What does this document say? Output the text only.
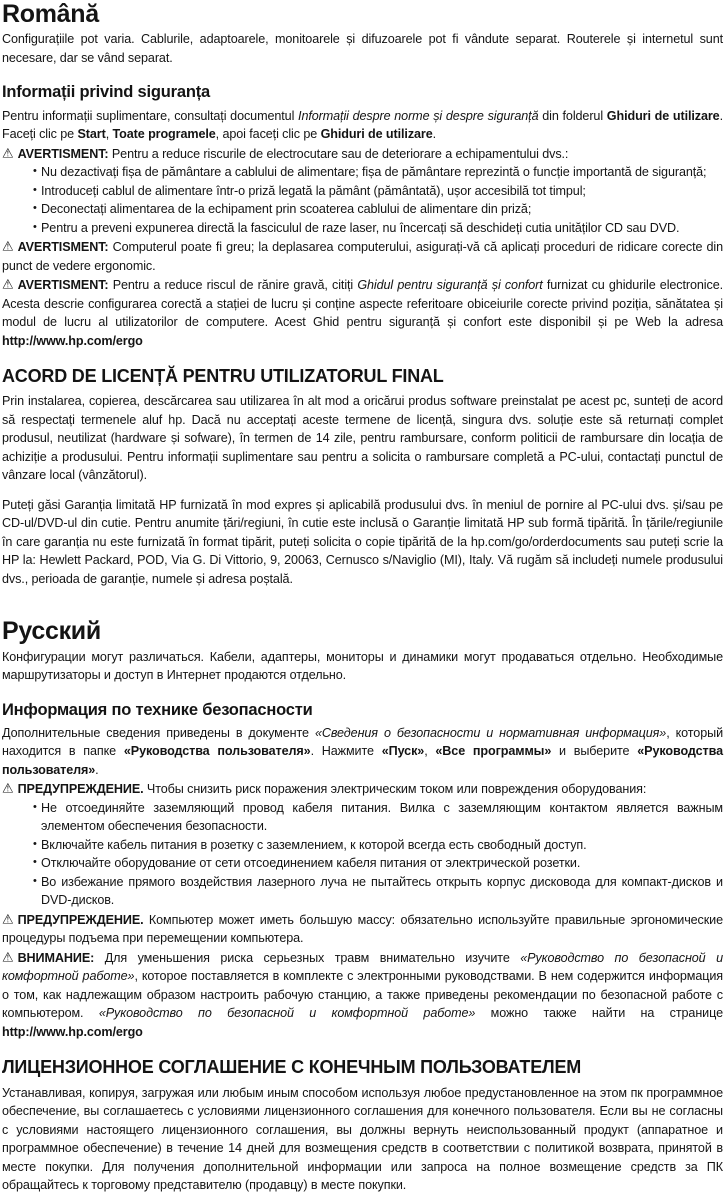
Română

Configurațiile pot varia. Cablurile, adaptoarele, monitoarele și difuzoarele pot fi vândute separat. Routerele și internetul sunt necesare, dar se vând separat.

Informații privind siguranța

Pentru informații suplimentare, consultați documentul Informații despre norme și despre siguranță din folderul Ghiduri de utilizare. Faceți clic pe Start, Toate programele, apoi faceți clic pe Ghiduri de utilizare.

⚠ AVERTISMENT: Pentru a reduce riscurile de electrocutare sau de deteriorare a echipamentului dvs.:

• Nu dezactivați fișa de pământare a cablului de alimentare; fișa de pământare reprezintă o funcție importantă de siguranță;
• Introduceți cablul de alimentare într-o priză legată la pământ (pământată), ușor accesibilă tot timpul;
• Deconectați alimentarea de la echipament prin scoaterea cablului de alimentare din priză;
• Pentru a preveni expunerea directă la fasciculul de raze laser, nu încercați să deschideți cutia unităților CD sau DVD.

⚠ AVERTISMENT: Computerul poate fi greu; la deplasarea computerului, asigurați-vă că aplicați proceduri de ridicare corecte din punct de vedere ergonomic.

⚠ AVERTISMENT: Pentru a reduce riscul de rănire gravă, citiți Ghidul pentru siguranță și confort furnizat cu ghidurile electronice. Acesta descrie configurarea corectă a stației de lucru și conține aspecte referitoare obiceiurile corecte privind poziția, sănătatea și modul de lucru al utilizatorilor de computere. Acest Ghid pentru siguranță și confort este disponibil și pe Web la adresa http://www.hp.com/ergo

ACORD DE LICENȚĂ PENTRU UTILIZATORUL FINAL

Prin instalarea, copierea, descărcarea sau utilizarea în alt mod a oricărui produs software preinstalat pe acest pc, sunteți de acord să respectați termenele aluf hp. Dacă nu acceptați aceste termene de licență, singura dvs. soluție este să returnați complet produsul, neutilizat (hardware și sofware), în termen de 14 zile, pentru rambursare, conform politicii de rambursare din locația de achiziție a produsului. Pentru informații suplimentare sau pentru a solicita o rambursare completă a PC-ului, contactați punctul de vânzare local (vânzătorul).

Puteți găsi Garanția limitată HP furnizată în mod expres și aplicabilă produsului dvs. în meniul de pornire al PC-ului dvs. și/sau pe CD-ul/DVD-ul din cutie. Pentru anumite țări/regiuni, în cutie este inclusă o Garanție limitată HP sub formă tipărită. În țările/regiunile în care garanția nu este furnizată în format tipărit, puteți solicita o copie tipărită de la hp.com/go/orderdocuments sau puteți scrie la HP la: Hewlett Packard, POD, Via G. Di Vittorio, 9, 20063, Cernusco s/Naviglio (MI), Italy. Vă rugăm să includeți numele produsului dvs., perioada de garanție, numele și adresa poștală.

Русский

Конфигурации могут различаться. Кабели, адаптеры, мониторы и динамики могут продаваться отдельно. Необходимые маршрутизаторы и доступ в Интернет продаются отдельно.

Информация по технике безопасности

Дополнительные сведения приведены в документе «Сведения о безопасности и нормативная информация», который находится в папке «Руководства пользователя». Нажмите «Пуск», «Все программы» и выберите «Руководства пользователя».

⚠ ПРЕДУПРЕЖДЕНИЕ. Чтобы снизить риск поражения электрическим током или повреждения оборудования:

• Не отсоединяйте заземляющий провод кабеля питания. Вилка с заземляющим контактом является важным элементом обеспечения безопасности.
• Включайте кабель питания в розетку с заземлением, к которой всегда есть свободный доступ.
• Отключайте оборудование от сети отсоединением кабеля питания от электрической розетки.
• Во избежание прямого воздействия лазерного луча не пытайтесь открыть корпус дисковода для компакт-дисков и DVD-дисков.

⚠ ПРЕДУПРЕЖДЕНИЕ. Компьютер может иметь большую массу: обязательно используйте правильные эргономические процедуры подъема при перемещении компьютера.

⚠ ВНИМАНИЕ: Для уменьшения риска серьезных травм внимательно изучите «Руководство по безопасной и комфортной работе», которое поставляется в комплекте с электронными руководствами. В нем содержится информация о том, как надлежащим образом настроить рабочую станцию, а также приведены рекомендации по безопасной работе с компьютером. «Руководство по безопасной и комфортной работе» можно также найти на странице http://www.hp.com/ergo

ЛИЦЕНЗИОННОЕ СОГЛАШЕНИЕ С КОНЕЧНЫМ ПОЛЬЗОВАТЕЛЕМ

Устанавливая, копируя, загружая или любым иным способом используя любое предустановленное на этом пк программное обеспечение, вы соглашаетесь с условиями лицензионного соглашения для конечного пользователя. Если вы не согласны с условиями настоящего лицензионного соглашения, вы должны вернуть неиспользованный продукт (аппаратное и программное обеспечение) в течение 14 дней для возмещения средств в соответствии с политикой возврата, принятой в месте покупки. Для получения дополнительной информации или запроса на полное возмещение средств за ПК обращайтесь к торговому представителю (продавцу) в месте покупки.
